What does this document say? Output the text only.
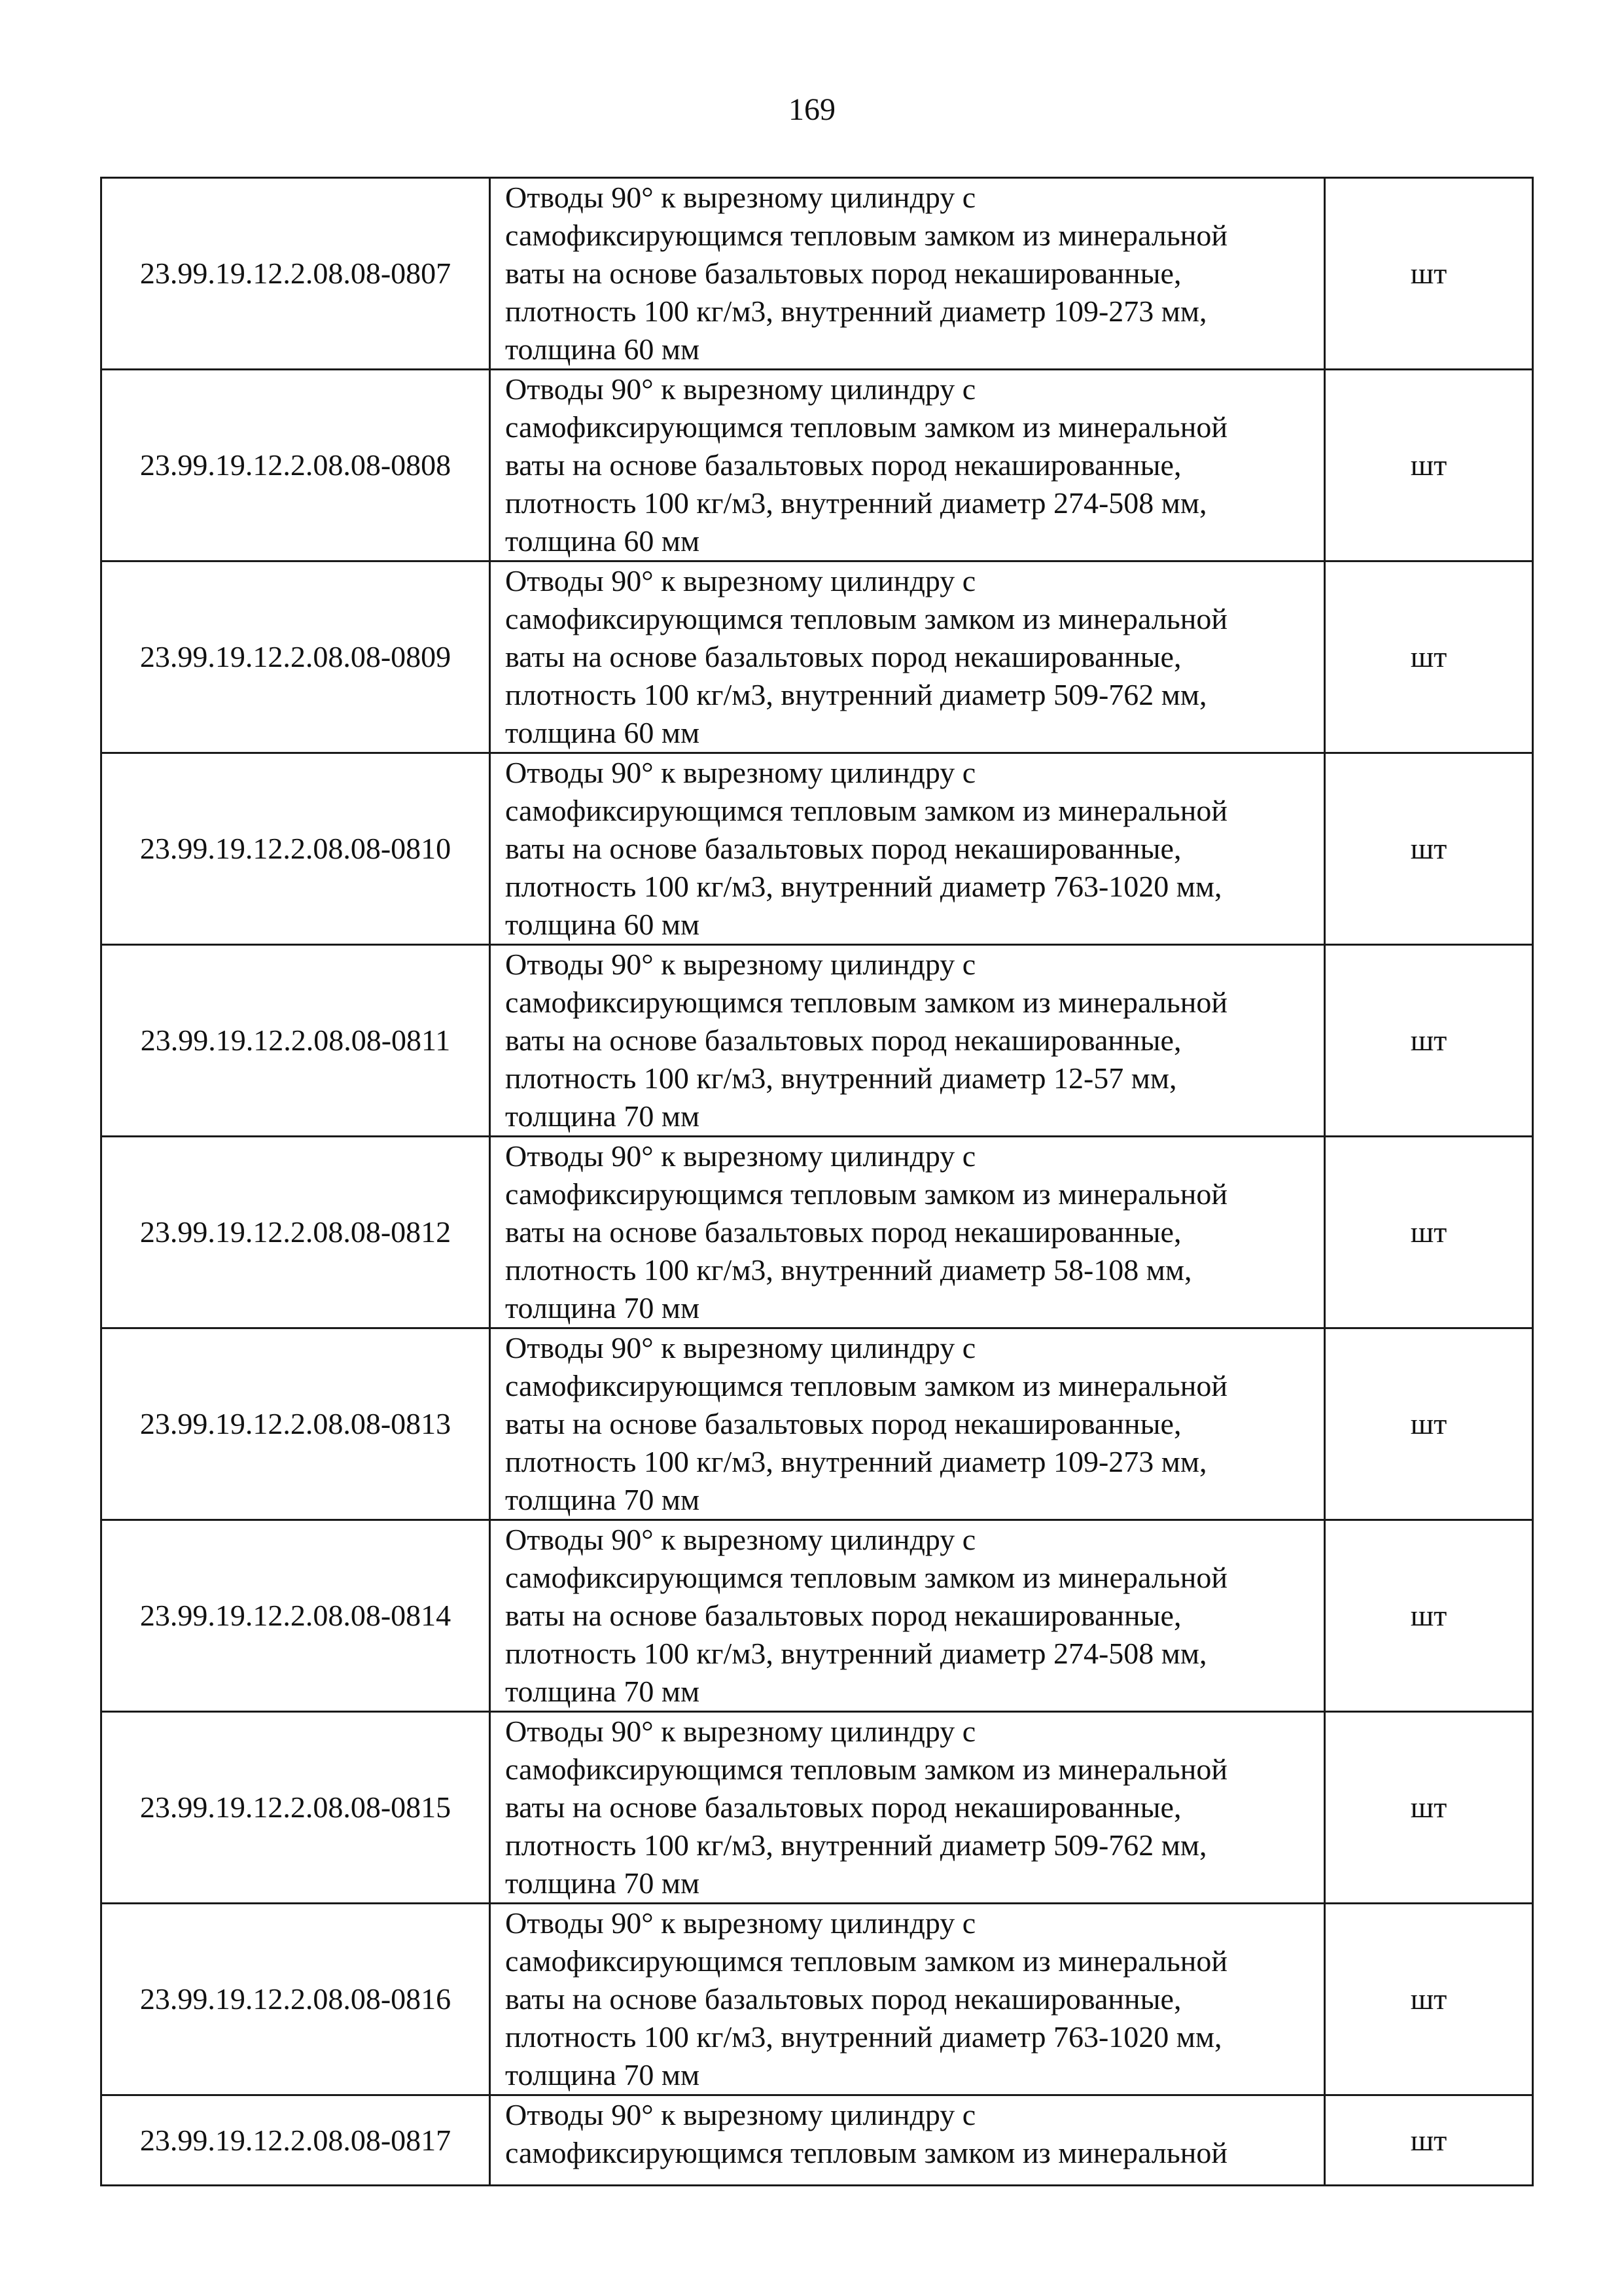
169
23.99.19.12.2.08.08-0807	Отводы 90° к вырезному цилиндру с
самофиксирующимся тепловым замком из минеральной
ваты на основе базальтовых пород некашированные,
плотность 100 кг/м3, внутренний диаметр 109-273 мм,
толщина 60 мм	шт
23.99.19.12.2.08.08-0808	Отводы 90° к вырезному цилиндру с
самофиксирующимся тепловым замком из минеральной
ваты на основе базальтовых пород некашированные,
плотность 100 кг/м3, внутренний диаметр 274-508 мм,
толщина 60 мм	шт
23.99.19.12.2.08.08-0809	Отводы 90° к вырезному цилиндру с
самофиксирующимся тепловым замком из минеральной
ваты на основе базальтовых пород некашированные,
плотность 100 кг/м3, внутренний диаметр 509-762 мм,
толщина 60 мм	шт
23.99.19.12.2.08.08-0810	Отводы 90° к вырезному цилиндру с
самофиксирующимся тепловым замком из минеральной
ваты на основе базальтовых пород некашированные,
плотность 100 кг/м3, внутренний диаметр 763-1020 мм,
толщина 60 мм	шт
23.99.19.12.2.08.08-0811	Отводы 90° к вырезному цилиндру с
самофиксирующимся тепловым замком из минеральной
ваты на основе базальтовых пород некашированные,
плотность 100 кг/м3, внутренний диаметр 12-57 мм,
толщина 70 мм	шт
23.99.19.12.2.08.08-0812	Отводы 90° к вырезному цилиндру с
самофиксирующимся тепловым замком из минеральной
ваты на основе базальтовых пород некашированные,
плотность 100 кг/м3, внутренний диаметр 58-108 мм,
толщина 70 мм	шт
23.99.19.12.2.08.08-0813	Отводы 90° к вырезному цилиндру с
самофиксирующимся тепловым замком из минеральной
ваты на основе базальтовых пород некашированные,
плотность 100 кг/м3, внутренний диаметр 109-273 мм,
толщина 70 мм	шт
23.99.19.12.2.08.08-0814	Отводы 90° к вырезному цилиндру с
самофиксирующимся тепловым замком из минеральной
ваты на основе базальтовых пород некашированные,
плотность 100 кг/м3, внутренний диаметр 274-508 мм,
толщина 70 мм	шт
23.99.19.12.2.08.08-0815	Отводы 90° к вырезному цилиндру с
самофиксирующимся тепловым замком из минеральной
ваты на основе базальтовых пород некашированные,
плотность 100 кг/м3, внутренний диаметр 509-762 мм,
толщина 70 мм	шт
23.99.19.12.2.08.08-0816	Отводы 90° к вырезному цилиндру с
самофиксирующимся тепловым замком из минеральной
ваты на основе базальтовых пород некашированные,
плотность 100 кг/м3, внутренний диаметр 763-1020 мм,
толщина 70 мм	шт
23.99.19.12.2.08.08-0817	Отводы 90° к вырезному цилиндру с
самофиксирующимся тепловым замком из минеральной	шт
